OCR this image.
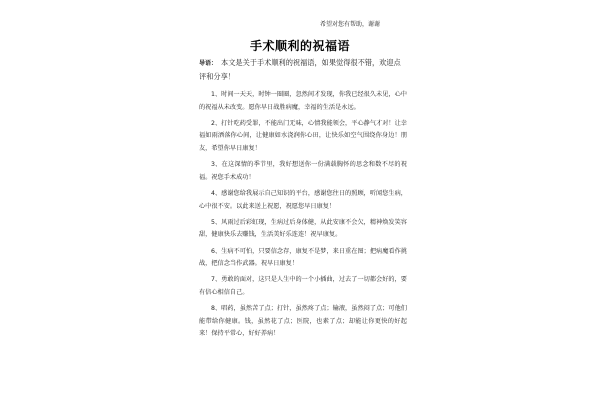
希望对您有帮助，谢谢
手术顺利的祝福语
导语： 本文是关于手术顺利的祝福语，如果觉得很不错，欢迎点评和分享！

1、时间一天天，时钟一圈圈，忽然间才发现，你我已经很久未见，心中的祝福从未改变。愿你早日战胜病魔，幸福的生活是永远。

2、打针吃药受罪，不能出门无味，心情我能领会，平心静气才对！让幸福如雨洒落你心间，让健康如水浇润你心田，让快乐如空气围绕你身边！朋友，希望你早日康复！

3、在这深情的季节里，我好想送你一份满载胸怀的思念和数不尽的祝福。祝您手术成功！

4、感谢您给我展示自己知识的平台，感谢您往日的照顾，听闻您生病，心中很不安。以此来送上祝愿，祝愿您早日康复！

5、风雨过后彩虹现，生病过后身体健，从此安康不会欠，精神焕发笑容甜，健康快乐去赚钱，生活美好乐连连！祝早康复。

6、生病不可怕，只要信念存，康复不是梦，来日重在图；把病魔看作挑战，把信念当作武器。祝早日康复！

7、勇敢的面对，这只是人生中的一个小插曲，过去了一切都会好的，要有信心相信自己。

8、唱药，虽然苦了点；打针，虽然疼了点；输液，虽然闷了点；可他们能带给你健康。钱，虽然花了点；医院，也素了点；却能让你更快的好起来！保持平常心，好好养病！
